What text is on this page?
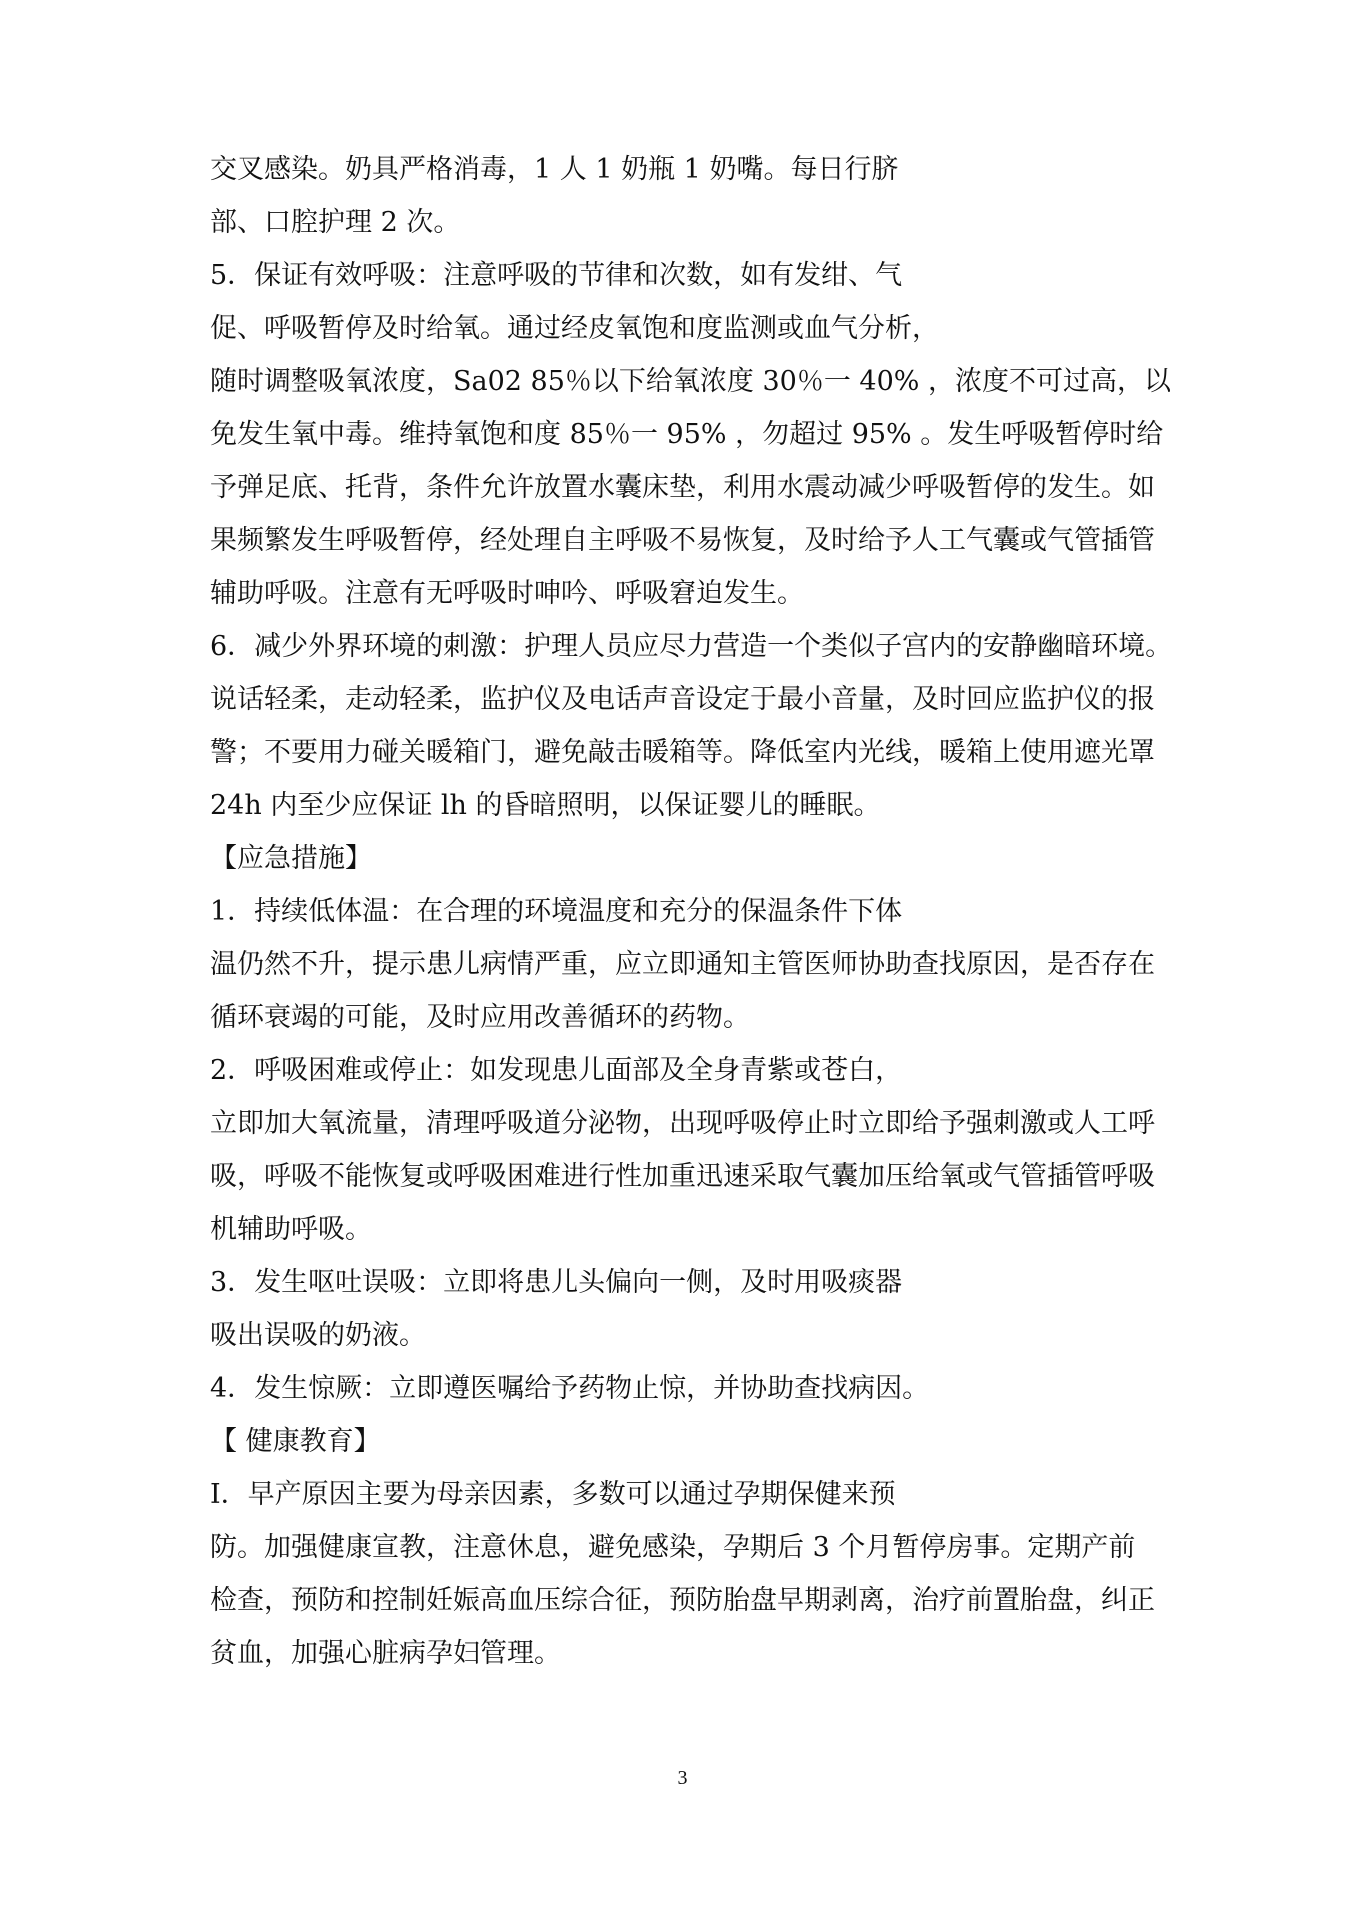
交叉感染。奶具严格消毒，1 人 1 奶瓶 1 奶嘴。每日行脐
部、口腔护理 2 次。
5．保证有效呼吸：注意呼吸的节律和次数，如有发绀、气
促、呼吸暂停及时给氧。通过经皮氧饱和度监测或血气分析，
随时调整吸氧浓度，Sa02 85％以下给氧浓度 30％一 40% ，浓度不可过高，以
免发生氧中毒。维持氧饱和度 85％一 95% ，勿超过 95% 。发生呼吸暂停时给
予弹足底、托背，条件允许放置水囊床垫，利用水震动减少呼吸暂停的发生。如
果频繁发生呼吸暂停，经处理自主呼吸不易恢复，及时给予人工气囊或气管插管
辅助呼吸。注意有无呼吸时呻吟、呼吸窘迫发生。
6．减少外界环境的刺激：护理人员应尽力营造一个类似子宫内的安静幽暗环境。
说话轻柔，走动轻柔，监护仪及电话声音设定于最小音量，及时回应监护仪的报
警；不要用力碰关暖箱门，避免敲击暖箱等。降低室内光线，暖箱上使用遮光罩
24h 内至少应保证 lh 的昏暗照明，以保证婴儿的睡眠。
【应急措施】
1．持续低体温：在合理的环境温度和充分的保温条件下体
温仍然不升，提示患儿病情严重，应立即通知主管医师协助查找原因，是否存在
循环衰竭的可能，及时应用改善循环的药物。
2．呼吸困难或停止：如发现患儿面部及全身青紫或苍白，
立即加大氧流量，清理呼吸道分泌物，出现呼吸停止时立即给予强刺激或人工呼
吸，呼吸不能恢复或呼吸困难进行性加重迅速采取气囊加压给氧或气管插管呼吸
机辅助呼吸。
3．发生呕吐误吸：立即将患儿头偏向一侧，及时用吸痰器
吸出误吸的奶液。
4．发生惊厥：立即遵医嘱给予药物止惊，并协助查找病因。
【 健康教育】
I．早产原因主要为母亲因素，多数可以通过孕期保健来预
防。加强健康宣教，注意休息，避免感染，孕期后 3 个月暂停房事。定期产前
检查，预防和控制妊娠高血压综合征，预防胎盘早期剥离，治疗前置胎盘，纠正
贫血，加强心脏病孕妇管理。
3
